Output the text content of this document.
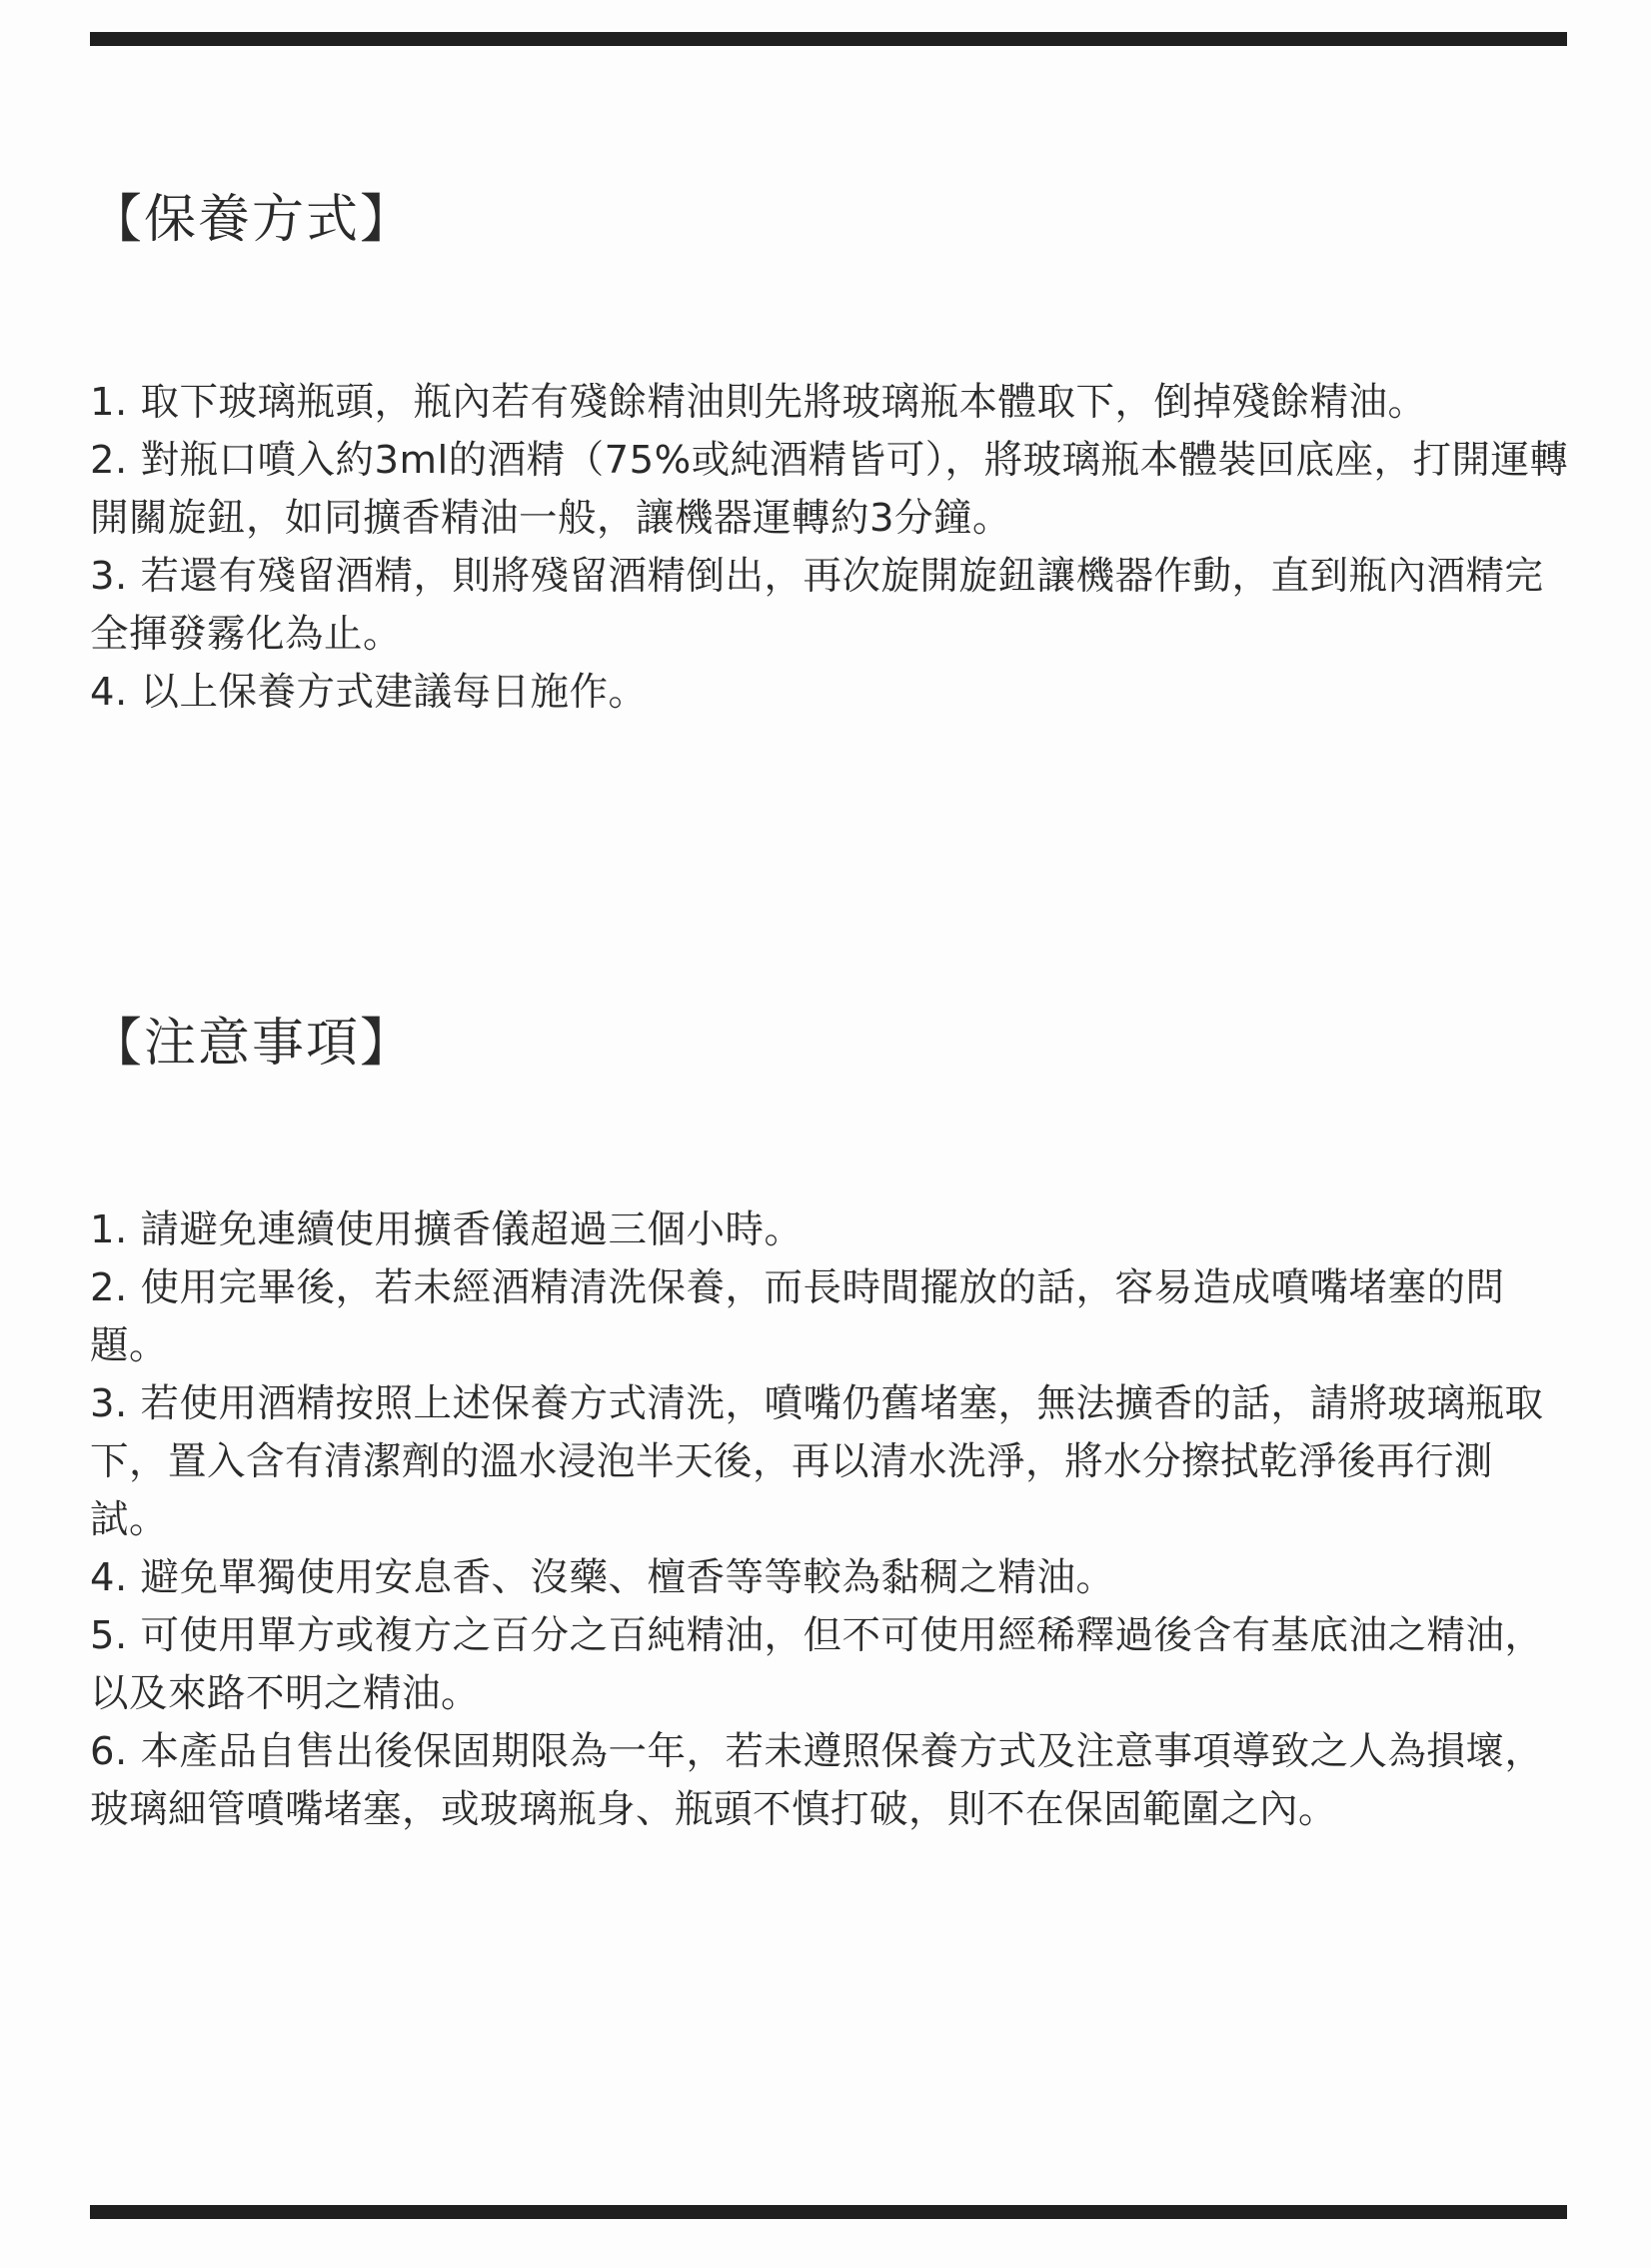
【保養方式】
1. 取下玻璃瓶頭，瓶內若有殘餘精油則先將玻璃瓶本體取下，倒掉殘餘精油。
2. 對瓶口噴入約3ml的酒精（75%或純酒精皆可），將玻璃瓶本體裝回底座，打開運轉開關旋鈕，如同擴香精油一般，讓機器運轉約3分鐘。
3. 若還有殘留酒精，則將殘留酒精倒出，再次旋開旋鈕讓機器作動，直到瓶內酒精完全揮發霧化為止。
4. 以上保養方式建議每日施作。
【注意事項】
1. 請避免連續使用擴香儀超過三個小時。
2. 使用完畢後，若未經酒精清洗保養，而長時間擺放的話，容易造成噴嘴堵塞的問題。
3. 若使用酒精按照上述保養方式清洗，噴嘴仍舊堵塞，無法擴香的話，請將玻璃瓶取下，置入含有清潔劑的溫水浸泡半天後，再以清水洗淨，將水分擦拭乾淨後再行測試。
4. 避免單獨使用安息香、沒藥、檀香等等較為黏稠之精油。
5. 可使用單方或複方之百分之百純精油，但不可使用經稀釋過後含有基底油之精油，以及來路不明之精油。
6. 本產品自售出後保固期限為一年，若未遵照保養方式及注意事項導致之人為損壞，玻璃細管噴嘴堵塞，或玻璃瓶身、瓶頭不慎打破，則不在保固範圍之內。
